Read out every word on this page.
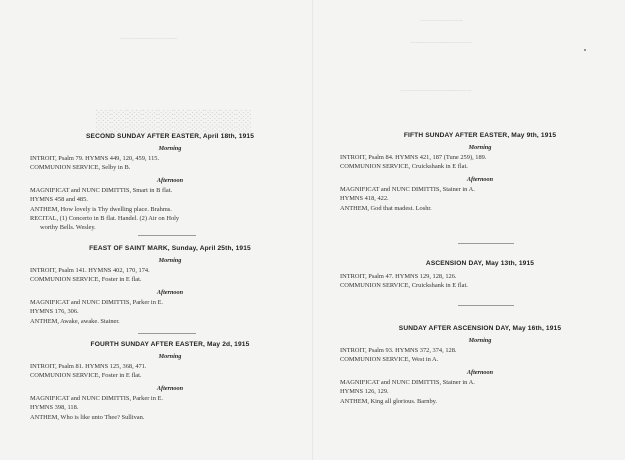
░░░░░░░░░░
────────────
─────────
─────────────
───────────────
SECOND SUNDAY AFTER EASTER, April 18th, 1915
Morning
INTROIT, Psalm 79. HYMNS 449, 120, 459, 115.
COMMUNION SERVICE, Selby in B.
Afternoon
MAGNIFICAT and NUNC DIMITTIS, Smart in B flat.
HYMNS 458 and 485.
ANTHEM, How lovely is Thy dwelling place. Brahms.
RECITAL, (1) Concerto in B flat. Handel. (2) Air on Holy
worthy Bells. Wesley.
FEAST OF SAINT MARK, Sunday, April 25th, 1915
Morning
INTROIT, Psalm 141. HYMNS 402, 170, 174.
COMMUNION SERVICE, Foster in E flat.
Afternoon
MAGNIFICAT and NUNC DIMITTIS, Parker in E.
HYMNS 176, 306.
ANTHEM, Awake, awake. Stainer.
FOURTH SUNDAY AFTER EASTER, May 2d, 1915
Morning
INTROIT, Psalm 81. HYMNS 125, 368, 471.
COMMUNION SERVICE, Foster in E flat.
Afternoon
MAGNIFICAT and NUNC DIMITTIS, Parker in E.
HYMNS 398, 118.
ANTHEM, Who is like unto Thee? Sullivan.
FIFTH SUNDAY AFTER EASTER, May 9th, 1915
Morning
INTROIT, Psalm 84. HYMNS 421, 187 (Tune 259), 189.
COMMUNION SERVICE, Cruickshank in E flat.
Afternoon
MAGNIFICAT and NUNC DIMITTIS, Stainer in A.
HYMNS 418, 422.
ANTHEM, God that madest. Loshr.
ASCENSION DAY, May 13th, 1915
INTROIT, Psalm 47. HYMNS 129, 128, 126.
COMMUNION SERVICE, Cruickshank in E flat.
SUNDAY AFTER ASCENSION DAY, May 16th, 1915
Morning
INTROIT, Psalm 93. HYMNS 372, 374, 128.
COMMUNION SERVICE, West in A.
Afternoon
MAGNIFICAT and NUNC DIMITTIS, Stainer in A.
HYMNS 126, 129.
ANTHEM, King all glorious. Barnby.
